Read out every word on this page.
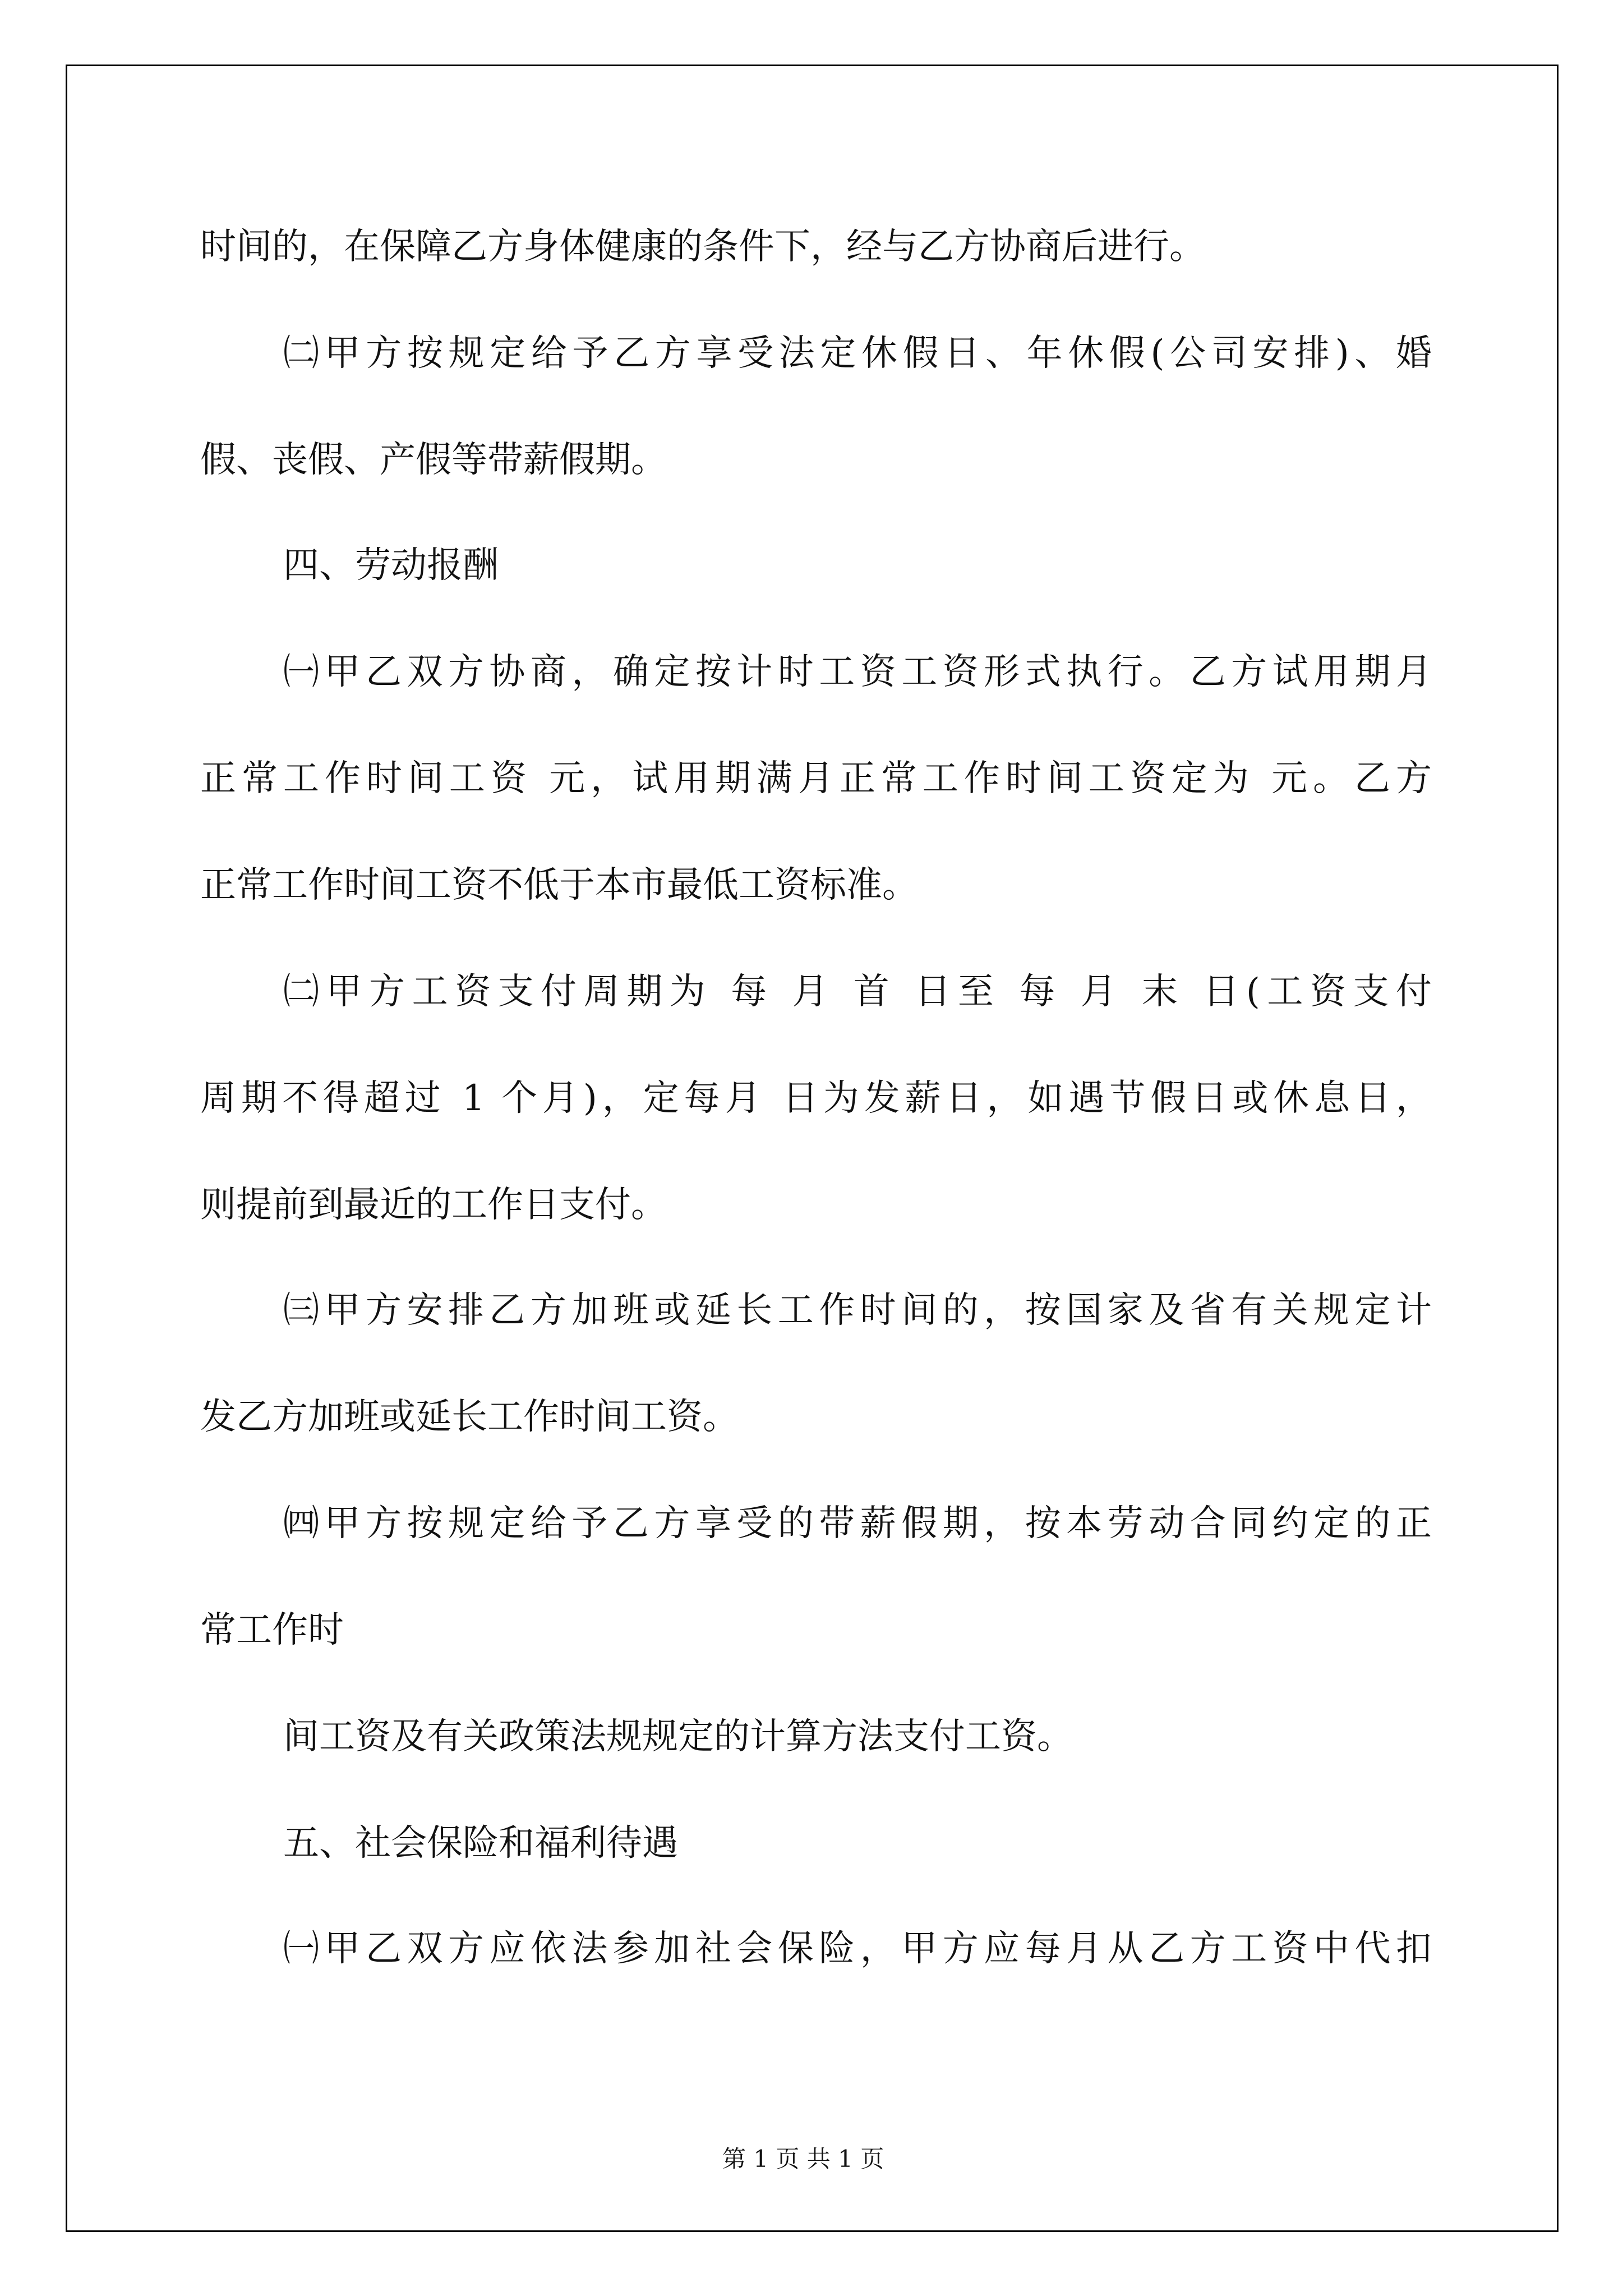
时间的，在保障乙方身体健康的条件下，经与乙方协商后进行。

㈡甲方按规定给予乙方享受法定休假日、年休假(公司安排)、婚

假、丧假、产假等带薪假期。

四、劳动报酬

㈠甲乙双方协商，确定按计时工资工资形式执行。乙方试用期月

正常工作时间工资 元，试用期满月正常工作时间工资定为 元。乙方

正常工作时间工资不低于本市最低工资标准。

㈡甲方工资支付周期为 每 月 首 日至 每 月 末 日(工资支付

周期不得超过 1 个月)，定每月 日为发薪日，如遇节假日或休息日，

则提前到最近的工作日支付。

㈢甲方安排乙方加班或延长工作时间的，按国家及省有关规定计

发乙方加班或延长工作时间工资。

㈣甲方按规定给予乙方享受的带薪假期，按本劳动合同约定的正

常工作时

间工资及有关政策法规规定的计算方法支付工资。

五、社会保险和福利待遇

㈠甲乙双方应依法参加社会保险，甲方应每月从乙方工资中代扣

第 1 页 共 1 页
